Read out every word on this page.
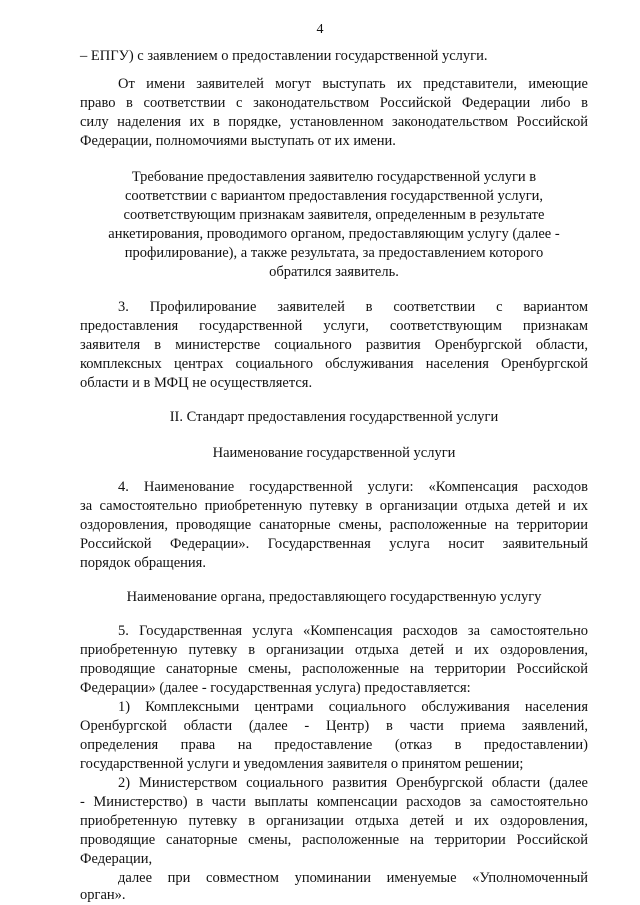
4
– ЕПГУ) с заявлением о предоставлении государственной услуги.
От имени заявителей могут выступать их представители, имеющие
право в соответствии с законодательством Российской Федерации либо в
силу наделения их в порядке, установленном законодательством Российской
Федерации, полномочиями выступать от их имени.
Требование предоставления заявителю государственной услуги в
соответствии с вариантом предоставления государственной услуги,
соответствующим признакам заявителя, определенным в результате
анкетирования, проводимого органом, предоставляющим услугу (далее -
профилирование), а также результата, за предоставлением которого
обратился заявитель.
3. Профилирование заявителей в соответствии с вариантом
предоставления государственной услуги, соответствующим признакам
заявителя в министерстве социального развития Оренбургской области,
комплексных центрах социального обслуживания населения Оренбургской
области и в МФЦ не осуществляется.
II. Стандарт предоставления государственной услуги
Наименование государственной услуги
4. Наименование государственной услуги: «Компенсация расходов
за самостоятельно приобретенную путевку в организации отдыха детей и их
оздоровления, проводящие санаторные смены, расположенные на территории
Российской Федерации». Государственная услуга носит заявительный
порядок обращения.
Наименование органа, предоставляющего государственную услугу
5. Государственная услуга «Компенсация расходов за самостоятельно
приобретенную путевку в организации отдыха детей и их оздоровления,
проводящие санаторные смены, расположенные на территории Российской
Федерации» (далее - государственная услуга) предоставляется:
1) Комплексными центрами социального обслуживания населения
Оренбургской области (далее - Центр) в части приема заявлений,
определения права на предоставление (отказ в предоставлении)
государственной услуги и уведомления заявителя о принятом решении;
2) Министерством социального развития Оренбургской области (далее
- Министерство) в части выплаты компенсации расходов за самостоятельно
приобретенную путевку в организации отдыха детей и их оздоровления,
проводящие санаторные смены, расположенные на территории Российской
Федерации,
далее при совместном упоминании именуемые «Уполномоченный
орган».
